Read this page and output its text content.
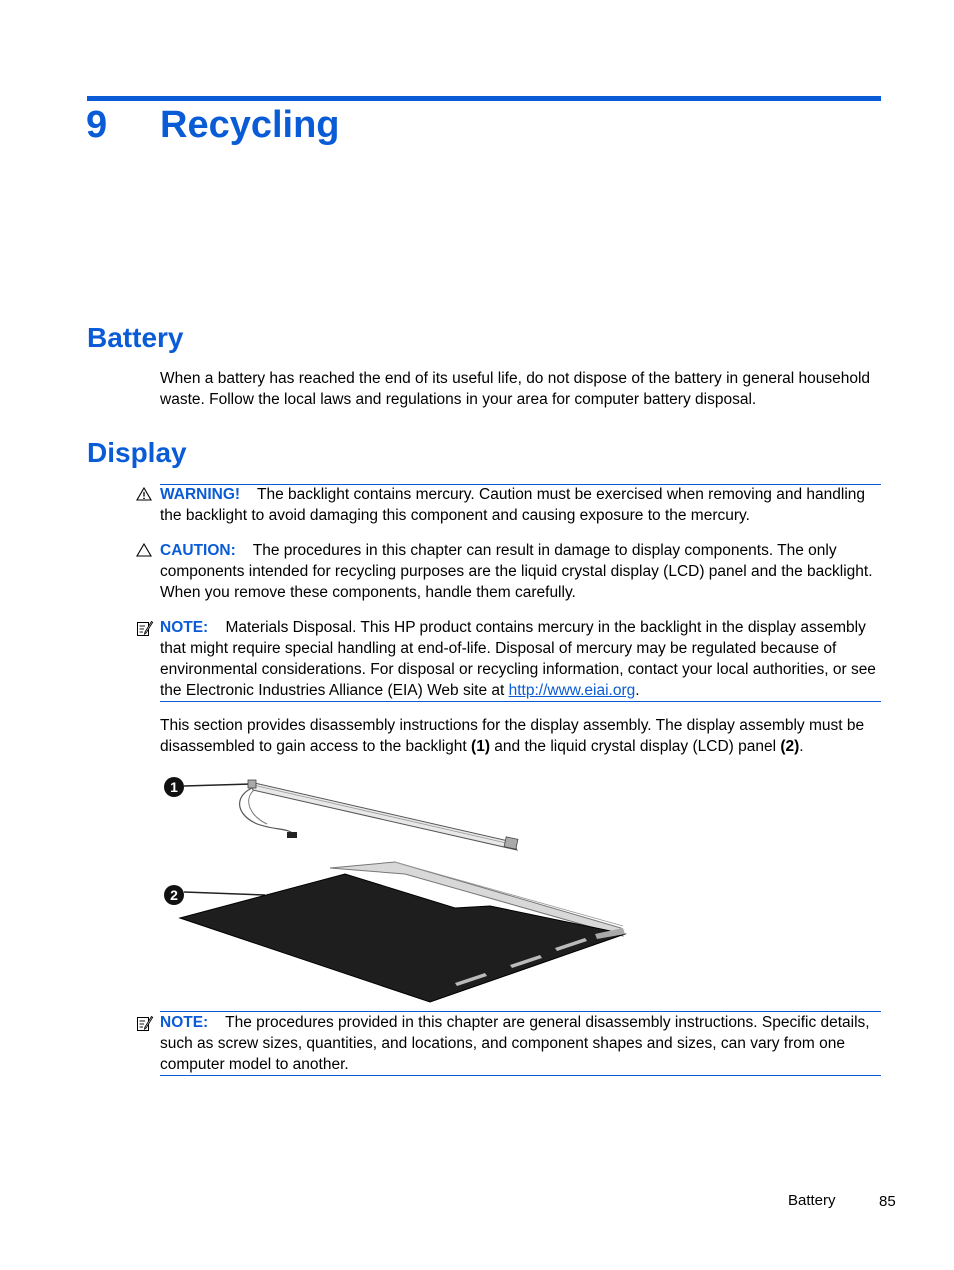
9 Recycling
Battery
When a battery has reached the end of its useful life, do not dispose of the battery in general household waste. Follow the local laws and regulations in your area for computer battery disposal.
Display
WARNING! The backlight contains mercury. Caution must be exercised when removing and handling the backlight to avoid damaging this component and causing exposure to the mercury.
CAUTION: The procedures in this chapter can result in damage to display components. The only components intended for recycling purposes are the liquid crystal display (LCD) panel and the backlight. When you remove these components, handle them carefully.
NOTE: Materials Disposal. This HP product contains mercury in the backlight in the display assembly that might require special handling at end-of-life. Disposal of mercury may be regulated because of environmental considerations. For disposal or recycling information, contact your local authorities, or see the Electronic Industries Alliance (EIA) Web site at http://www.eiai.org.
This section provides disassembly instructions for the display assembly. The display assembly must be disassembled to gain access to the backlight (1) and the liquid crystal display (LCD) panel (2).
1
2
NOTE: The procedures provided in this chapter are general disassembly instructions. Specific details, such as screw sizes, quantities, and locations, and component shapes and sizes, can vary from one computer model to another.
Battery	85
